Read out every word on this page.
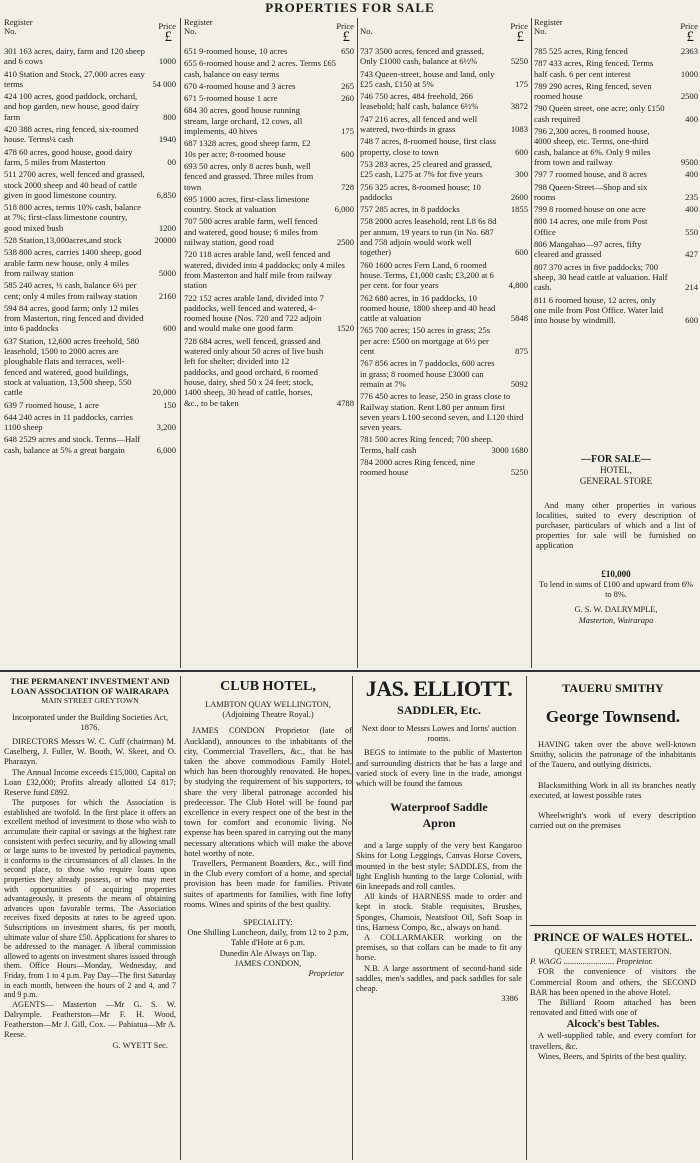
PROPERTIES FOR SALE
Register
No.	Price
£
301 163 acres, dairy, farm and 120 sheep and 6 cows	1000
410 Station and Stock, 27,000 acres easy terms	54 000
424 100 acres, good paddock, orchard, and hop garden, new house, good dairy farm	800
420 388 acres, ring fenced, six-roomed house. Terms¼ cash	1940
478 60 acres, good house, good dairy farm, 5 miles from Masterton	00
511 2700 acres, well fenced and grassed, stock 2000 sheep and 40 head of cattle given in good limestone country.	6,850
518 800 acres, terms 10% cash, balance at 7%; first-class limestone country, good mixed bush	1200
528 Station,13,000acres,and stock	20000
538 800 acres, carries 1400 sheep, good arable farm new house, only 4 miles from railway station	5000
585 240 acres, ⅓ cash, balance 6½ per cent; only 4 miles from railway station	2160
594 84 acres, good farm; only 12 miles from Masterton, ring fenced and divided into 6 paddocks	600
637 Station, 12,600 acres freehold, 580 leasehold, 1500 to 2000 acres are ploughable flats and terraces, well-fenced and watered, good buildings, stock at valuation, 13,500 sheep, 550 cattle	20,000
639 7 roomed house, 1 acre	150
644 240 acres in 11 paddocks, carries 1100 sheep	3,200
648 2529 acres and stock. Terms—Half cash, balance at 5% a great bargain	6,000
Register
No.	Price
£
651 9-roomed house, 10 acres	650
655 6-roomed house and 2 acres. Terms £65 cash, balance on easy terms
670 4-roomed house and 3 acres	265
671 5-roomed house 1 acre	260
684 30 acres, good house running stream, large orchard, 12 cows, all implements, 40 hives	175
687 1328 acres, good sheep farm, £2 10s per acre; 8-roomed house	600
693 50 acres, only 8 acres bush, well fenced and grassed. Three miles from town	728
695 1000 acres, first-class limestone country. Stock at valuation	6,000
707 500 acres arable farm, well fenced and watered, good house; 6 miles from railway station, good road	2500
720 118 acres arable land, well fenced and watered, divided into 4 paddocks; only 4 miles from Masterton and half mile from railway station
722 152 acres arable land, divided into 7 paddocks, well fenced and watered, 4-roomed house (Nos. 720 and 722 adjoin and would make one good farm	1520
728 684 acres, well fenced, grassed and watered only about 50 acres of live bush left for shelter; divided into 12 paddocks, and good orchard, 6 roomed house, dairy, shed 50 x 24 feet; stock, 1400 sheep, 30 head of cattle, horses, &c., to be taken	4788
No.	Price
£
737 3500 acres, fenced and grassed, Only £1000 cash, balance at 6½%	5250
743 Queen-street, house and land, only £25 cash, £150 at 5%	175
746 750 acres, 484 freehold, 266 leasehold; half cash, balance 6½%	3872
747 216 acres, all fenced and well watered, two-thirds in grass	1083
748 7 acres, 8-roomed house, first class property, close to town	600
753 283 acres, 25 cleared and grassed, £25 cash, L275 at 7% for five years	300
756 325 acres, 8-roomed house; 10 paddocks	2600
757 285 acres, in 8 paddocks	1855
758 2000 acres leasehold, rent L8 6s 8d per annum, 19 years to run (in No. 687 and 758 adjoin would work well together)	600
760 1600 acres Fern Land, 6 roomed house. Terms, £1,000 cash; £3,200 at 6 per cent. for four years	4,800
762 680 acres, in 16 paddocks, 10 roomed house, 1800 sheep and 40 head cattle at valuation	5848
765 700 acres; 150 acres in grass; 25s per acre: £500 on mortgage at 6½ per cent	875
767 856 acres in 7 paddocks, 600 acres in grass; 8 roomed house £3000 can remain at 7%	5092
776 450 acres to lease, 250 in grass close to Railway station. Rent L80 per annum first seven years L100 second seven, and L120 third seven years.
781 500 acres Ring fenced; 700 sheep. Terms, half cash	3000 1680
784 2000 acres Ring fenced, nine roomed house	5250
Register
No.	Price
£
785 525 acres, Ring fenced	2363
787 433 acres, Ring fenced. Terms half cash. 6 per cent interest	1000
789 290 acres, Ring fenced, seven roomed house	2500
790 Queen street, one acre; only £150 cash required	400
796 2,300 acres, 8 roomed house, 4000 sheep, etc. Terms, one-third cash, balance at 6%. Only 9 miles from town and railway	9500
797 7 roomed house, and 8 acres	400
798 Queen-Street—Shop and six rooms	235
799 8 roomed house on one acre	400
800 14 acres, one mile from Post Office	550
806 Mangahao—97 acres, fifty cleared and grassed	427
807 370 acres in five paddocks; 700 sheep, 30 head cattle at valuation. Half cash.	214
811 6 roomed house, 12 acres, only one mile from Post Office. Water laid into house by windmill.	600
—FOR SALE—
HOTEL,
GENERAL STORE
And many other properties in various localities, suited to every description of purchaser, particulars of which and a list of properties for sale will be furnished on application
£10,000
To lend in sums of £100 and upward from 6% to 8%.
G. S. W. DALRYMPLE,
Masterton, Wairarapa
THE PERMANENT INVESTMENT AND LOAN ASSOCIATION OF WAIRARAPA
MAIN STREET GREYTOWN
Incorporated under the Building Societies Act, 1876.

DIRECTORS Messrs W. C. Cuff (chairman) M. Caselberg, J. Fuller, W. Booth, W. Skeet, and O. Pharazyn.

The Annual Income exceeds £15,000, Capital on Loan £32,000; Profits already allotted £4 817; Reserve fund £892.

The purposes for which the Association is established are twofold. In the first place it offers an excellent method of investment to those who wish to accumulate their capital or savings at the highest rate consistent with perfect security, and by allowing small or large sums to be invested by periodical payments, it conforms to the circumstances of all classes. In the second place, to those who require loans upon properties they already possess, or who may meet with opportunities of acquiring properties advantageously, it presents the means of obtaining advances upon favorable terms. The Association receives fixed deposits at rates to be agreed upon. Subscriptions on investment shares, 6s per month, ultimate value of share £50. Applications for shares to be addressed to the manager. A liberal commission allowed to agents on investment shares issued through them. Office Hours—Monday, Wednesday, and Friday, from 1 to 4 p.m. Pay Day—The first Saturday in each month, between the hours of 2 and 4, and 7 and 9 p.m.

AGENTS— Masterton —Mr G. S. W. Dalrymple. Featherston—Mr F. H. Wood, Featherston—Mr J. Gill, Cox. — Pahiatua—Mr A. Reese.

G. WYETT Sec.
CLUB HOTEL,
LAMBTON QUAY WELLINGTON,
(Adjoining Theatre Royal.)

JAMES CONDON Proprietor (late of Auckland), announces to the inhabitants of the city, Commercial Travellers, &c., that he has taken the above commodious Family Hotel, which has been thoroughly renovated. He hopes, by studying the requirement of his supporters, to share the very liberal patronage accorded his predecessor. The Club Hotel will be found par excellence in every respect one of the best in the town for comfort and economic living. No expense has been spared in carrying out the many necessary alterations which will make the above hotel worthy of note.

Travellers, Permanent Boarders, &c., will find in the Club every comfort of a home, and special provision has been made for families. Private suites of apartments for families, with fine lofty rooms. Wines and spirits of the best quality.

SPECIALITY:
One Shilling Luncheon, daily, from 12 to 2 p.m,
Table d'Hote at 6 p.m.
Dunedin Ale Always on Tap.
JAMES CONDON,
Proprietor
JAS. ELLIOTT.
SADDLER, Etc.
Next door to Messrs Lowes and Iorns' auction rooms.

BEGS to intimate to the public of Masterton and surrounding districts that he has a large and varied stock of every line in the trade, amongst which will be found the famous

Waterproof Saddle Apron

and a large supply of the very best Kangaroo Skins for Long Leggings, Canvas Horse Covers, mounted in the best style; SADDLES, from the light English hunting to the large Colonial, with 6in kneepads and roll cantles.

All kinds of HARNESS made to order and kept in stock. Stable requisites, Brushes, Sponges, Chamois, Neatsfoot Oil, Soft Soap in tins, Harness Compo, &c., always on hand.

A COLLARMAKER working on the premises, so that collars can be made to fit any horse.

N.B. A large assortment of second-hand side saddles, men's saddles, and pack saddles for sale cheap.

3386
TAUERU SMITHY
George Townsend.

HAVING taken over the above well-known Smithy, solicits the patronage of the inhabitants of the Taueru, and outlying districts.

Blacksmithing Work in all its branches neatly executed, at lowest possible rates

Wheelwright's work of every description carried out on the premises

PRINCE OF WALES HOTEL.
QUEEN STREET, MASTERTON.
P. WAGG ........................ Proprietor.

FOR the convenience of visitors the Commercial Room and others, the SECOND BAR has been opened in the above Hotel.

The Billiard Room attached has been renovated and fitted with one of

Alcock's best Tables.

A well-supplied table, and every comfort for travellers, &c.

Wines, Beers, and Spirits of the best quality.
